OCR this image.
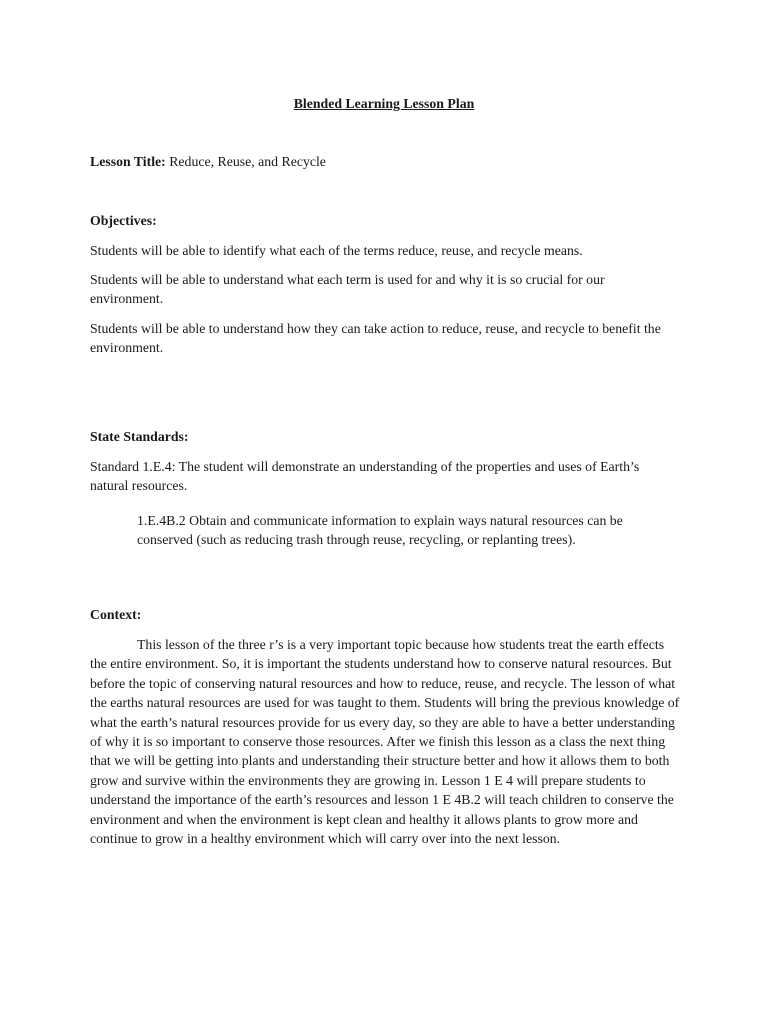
Blended Learning Lesson Plan
Lesson Title: Reduce, Reuse, and Recycle
Objectives:

Students will be able to identify what each of the terms reduce, reuse, and recycle means.

Students will be able to understand what each term is used for and why it is so crucial for our environment.

Students will be able to understand how they can take action to reduce, reuse, and recycle to benefit the environment.

State Standards:

Standard 1.E.4: The student will demonstrate an understanding of the properties and uses of Earth’s natural resources.

1.E.4B.2 Obtain and communicate information to explain ways natural resources can be conserved (such as reducing trash through reuse, recycling, or replanting trees).

Context:

This lesson of the three r’s is a very important topic because how students treat the earth effects the entire environment. So, it is important the students understand how to conserve natural resources. But before the topic of conserving natural resources and how to reduce, reuse, and recycle. The lesson of what the earths natural resources are used for was taught to them. Students will bring the previous knowledge of what the earth’s natural resources provide for us every day, so they are able to have a better understanding of why it is so important to conserve those resources. After we finish this lesson as a class the next thing that we will be getting into plants and understanding their structure better and how it allows them to both grow and survive within the environments they are growing in. Lesson 1 E 4 will prepare students to understand the importance of the earth’s resources and lesson 1 E 4B.2 will teach children to conserve the environment and when the environment is kept clean and healthy it allows plants to grow more and continue to grow in a healthy environment which will carry over into the next lesson.
